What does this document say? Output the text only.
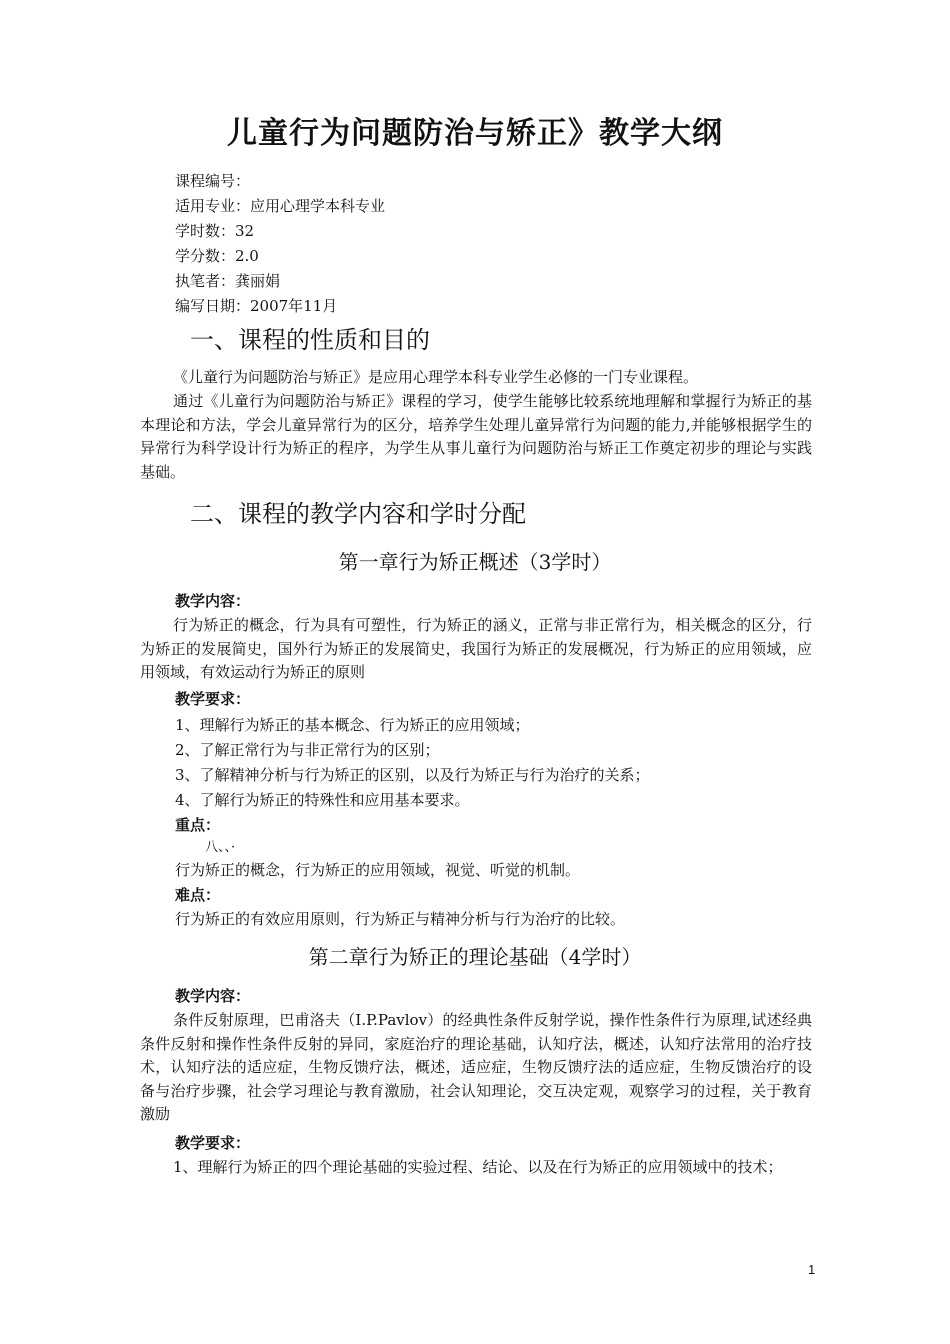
儿童行为问题防治与矫正》教学大纲
课程编号：
适用专业：应用心理学本科专业
学时数：32
学分数：2.0
执笔者：龚丽娟
编写日期：2007年11月
一、课程的性质和目的
《儿童行为问题防治与矫正》是应用心理学本科专业学生必修的一门专业课程。
通过《儿童行为问题防治与矫正》课程的学习，使学生能够比较系统地理解和掌握行为矫正的基本理论和方法，学会儿童异常行为的区分，培养学生处理儿童异常行为问题的能力,并能够根据学生的异常行为科学设计行为矫正的程序，为学生从事儿童行为问题防治与矫正工作奠定初步的理论与实践基础。
二、课程的教学内容和学时分配
第一章行为矫正概述（3学时）
教学内容：
行为矫正的概念，行为具有可塑性，行为矫正的涵义，正常与非正常行为，相关概念的区分，行为矫正的发展简史，国外行为矫正的发展简史，我国行为矫正的发展概况，行为矫正的应用领域，应用领域，有效运动行为矫正的原则
教学要求：
1、理解行为矫正的基本概念、行为矫正的应用领域；
2、了解正常行为与非正常行为的区别；
3、了解精神分析与行为矫正的区别，以及行为矫正与行为治疗的关系；
4、了解行为矫正的特殊性和应用基本要求。
重点：
八、、·
行为矫正的概念，行为矫正的应用领域，视觉、听觉的机制。
难点：
行为矫正的有效应用原则，行为矫正与精神分析与行为治疗的比较。
第二章行为矫正的理论基础（4学时）
教学内容：
条件反射原理，巴甫洛夫（I.P.Pavlov）的经典性条件反射学说，操作性条件行为原理,试述经典条件反射和操作性条件反射的异同，家庭治疗的理论基础，认知疗法，概述，认知疗法常用的治疗技术，认知疗法的适应症，生物反馈疗法，概述，适应症，生物反馈疗法的适应症，生物反馈治疗的设备与治疗步骤，社会学习理论与教育激励，社会认知理论，交互决定观，观察学习的过程，关于教育激励
教学要求：
1、理解行为矫正的四个理论基础的实验过程、结论、以及在行为矫正的应用领域中的技术；
1
